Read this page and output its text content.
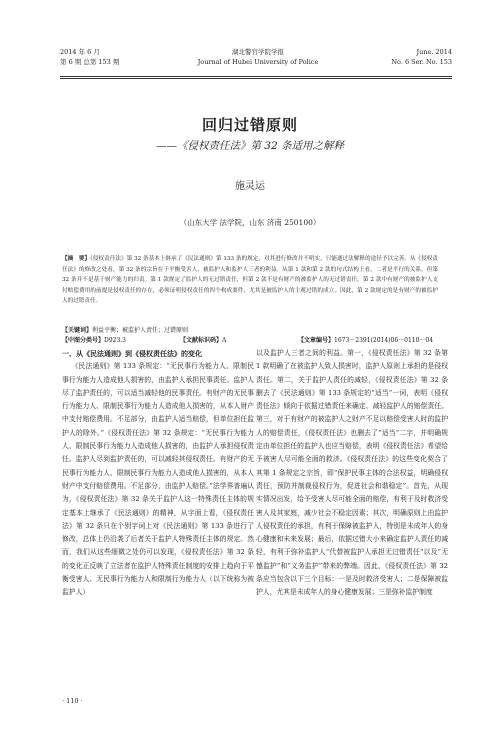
2014 年 6 月
第 6 期 总第 153 期
湖北警官学院学报
Journal of Hubei University of Police
June. 2014
No. 6 Ser. No. 153
回归过错原则
——《侵权责任法》第 32 条适用之解释
施灵运
（山东大学 法学院，山东 济南 250100）
【摘　要】《侵权责任法》第 32 条基本上继承了《民法通则》第 133 条的规定，对其进行修改并不明实，只能通过法解释的途径予以完善。从《侵权责任法》的修改之处看，第 32 条的宗旨在于平衡受害人、被监护人和监护人三者的利益。从第 1 款和第 2 款的句式结构上看，二者是平行的关系，但第 32 条并不是基于财产能力的归责。第 1 款规定了监护人的无过错责任，但第 2 款不是有财产的被监护人的无过错责任。第 2 款中有财产的被监护人支付赔偿费用的前提是侵权责任的存在，必须证明侵权责任的四个构成要件，尤其是被监护人的主观过错的成立。因此，第 2 款规定的是有财产的被监护人的过错责任。
【关键词】利益平衡；被监护人责任；过错原则
【中图分类号】D923.3	【文献标识码】A	【文章编号】1673－2391(2014)06－0110－04
一、从《民法通则》到《侵权责任法》的变化

《民法通则》第 133 条规定：“无民事行为能力人、限制民事行为能力人造成他人损害的，由监护人承担民事责任。监护人尽了监护责任的，可以适当减轻他的民事责任。有财产的无民事行为能力人、限制民事行为能力人造成他人损害的，从本人财产中支付赔偿费用。不足部分，由监护人适当赔偿，但单位担任监护人的除外。”《侵权责任法》第 32 条规定：“无民事行为能力人、限制民事行为能力人造成他人损害的，由监护人承担侵权责任。监护人尽到监护责任的，可以减轻其侵权责任。有财产的无民事行为能力人、限制民事行为能力人造成他人损害的，从本人财产中支付赔偿费用。不足部分，由监护人赔偿。”法学界普遍认为，《侵权责任法》第 32 条关于监护人这一特殊责任主体的规定基本上继承了《民法通则》的精神，从字面上看，《侵权责任法》第 32 条只在个别字词上对《民法通则》第 133 条进行了修改，总体上仍沿袭了后者关于监护人特殊责任主体的规定。然而，我们从这些细微之处仍可以发现，《侵权责任法》第 32 条的变化正反映了立法者在监护人特殊责任制度的安排上趋向于平衡受害人、无民事行为能力人和限制行为能力人（以下统称为被监护人）

以及监护人三者之间的利益。第一，《侵权责任法》第 32 条第 1 款明确了在被监护人致人损害时，监护人原则上承担的是侵权责任。第二，关于监护人责任的减轻，《侵权责任法》第 32 条删去了《民法通则》第 133 条规定的“适当”一词，表明《侵权责任法》倾向于依据过错责任来确定、减轻监护人的赔偿责任。第三，对于有财产的被监护人之财产不足以赔偿受害人时的监护人的赔偿责任，《侵权责任法》也删去了“适当”二字，并明确规定由单位担任的监护人也应当赔偿，表明《侵权责任法》希望给予被害人尽可能全面的救济。《侵权责任法》的这些变化契合了其第 1 条规定之宗旨，即“保护民事主体的合法权益，明确侵权责任，预防并制裁侵权行为，促进社会和谐稳定”。首先，从现实情况出发，给予受害人尽可能全面的赔偿，有利于及时救济受害人及其家庭，减少社会不稳定因素；其次，明确原则上由监护人侵权责任的承担，有利于保障被监护人，特别是未成年人的身心健康和未来发展；最后，依据过错大小来确定监护人责任的减轻，有利于弥补监护人“代替被监护人承担无过错责任”以及“无憾监护”和“义务监护”带来的弊端。因此，《侵权责任法》第 32 条应当包含以下三个目标：一是及时救济受害人；二是保障被监护人，尤其是未成年人的身心健康发展；三是弥补监护制度

· 110 ·
